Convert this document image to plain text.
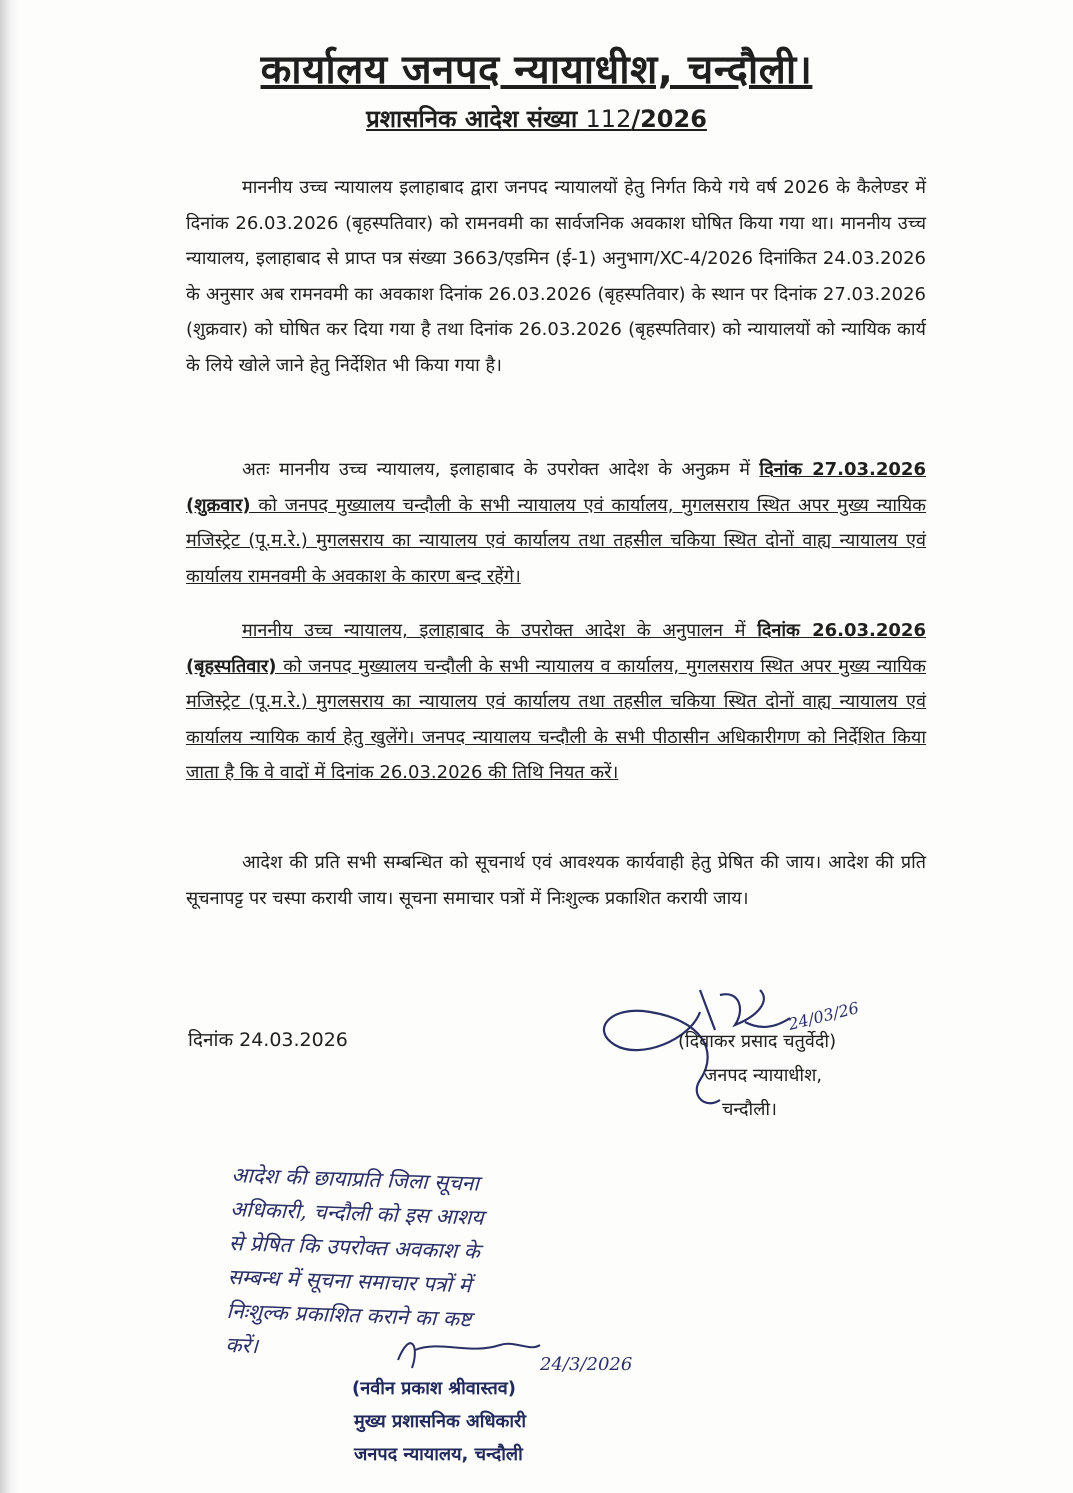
कार्यालय जनपद न्यायाधीश, चन्दौली।
प्रशासनिक आदेश संख्या 112/2026

माननीय उच्च न्यायालय इलाहाबाद द्वारा जनपद न्यायालयों हेतु निर्गत किये गये वर्ष 2026 के कैलेण्डर में दिनांक 26.03.2026 (बृहस्पतिवार) को रामनवमी का सार्वजनिक अवकाश घोषित किया गया था। माननीय उच्च न्यायालय, इलाहाबाद से प्राप्त पत्र संख्या 3663/एडमिन (ई-1) अनुभाग/XC-4/2026 दिनांकित 24.03.2026 के अनुसार अब रामनवमी का अवकाश दिनांक 26.03.2026 (बृहस्पतिवार) के स्थान पर दिनांक 27.03.2026 (शुक्रवार) को घोषित कर दिया गया है तथा दिनांक 26.03.2026 (बृहस्पतिवार) को न्यायालयों को न्यायिक कार्य के लिये खोले जाने हेतु निर्देशित भी किया गया है।

अतः माननीय उच्च न्यायालय, इलाहाबाद के उपरोक्त आदेश के अनुक्रम में दिनांक 27.03.2026 (शुक्रवार) को जनपद मुख्यालय चन्दौली के सभी न्यायालय एवं कार्यालय, मुगलसराय स्थित अपर मुख्य न्यायिक मजिस्ट्रेट (पू.म.रे.) मुगलसराय का न्यायालय एवं कार्यालय तथा तहसील चकिया स्थित दोनों वाह्य न्यायालय एवं कार्यालय रामनवमी के अवकाश के कारण बन्द रहेंगे।

माननीय उच्च न्यायालय, इलाहाबाद के उपरोक्त आदेश के अनुपालन में दिनांक 26.03.2026 (बृहस्पतिवार) को जनपद मुख्यालय चन्दौली के सभी न्यायालय व कार्यालय, मुगलसराय स्थित अपर मुख्य न्यायिक मजिस्ट्रेट (पू.म.रे.) मुगलसराय का न्यायालय एवं कार्यालय तथा तहसील चकिया स्थित दोनों वाह्य न्यायालय एवं कार्यालय न्यायिक कार्य हेतु खुलेंगे। जनपद न्यायालय चन्दौली के सभी पीठासीन अधिकारीगण को निर्देशित किया जाता है कि वे वादों में दिनांक 26.03.2026 की तिथि नियत करें।

आदेश की प्रति सभी सम्बन्धित को सूचनार्थ एवं आवश्यक कार्यवाही हेतु प्रेषित की जाय। आदेश की प्रति सूचनापट्ट पर चस्पा करायी जाय। सूचना समाचार पत्रों में निःशुल्क प्रकाशित करायी जाय।

दिनांक 24.03.2026
24/03/26
(दिवाकर प्रसाद चतुर्वेदी)
जनपद न्यायाधीश,
चन्दौली।
आदेश की छायाप्रति जिला सूचना
अधिकारी, चन्दौली को इस आशय
से प्रेषित कि उपरोक्त अवकाश के
सम्बन्ध में सूचना समाचार पत्रों में
निःशुल्क प्रकाशित कराने का कष्ट
करें।
24/3/2026
(नवीन प्रकाश श्रीवास्तव)
मुख्य प्रशासनिक अधिकारी
जनपद न्यायालय, चन्दौली
